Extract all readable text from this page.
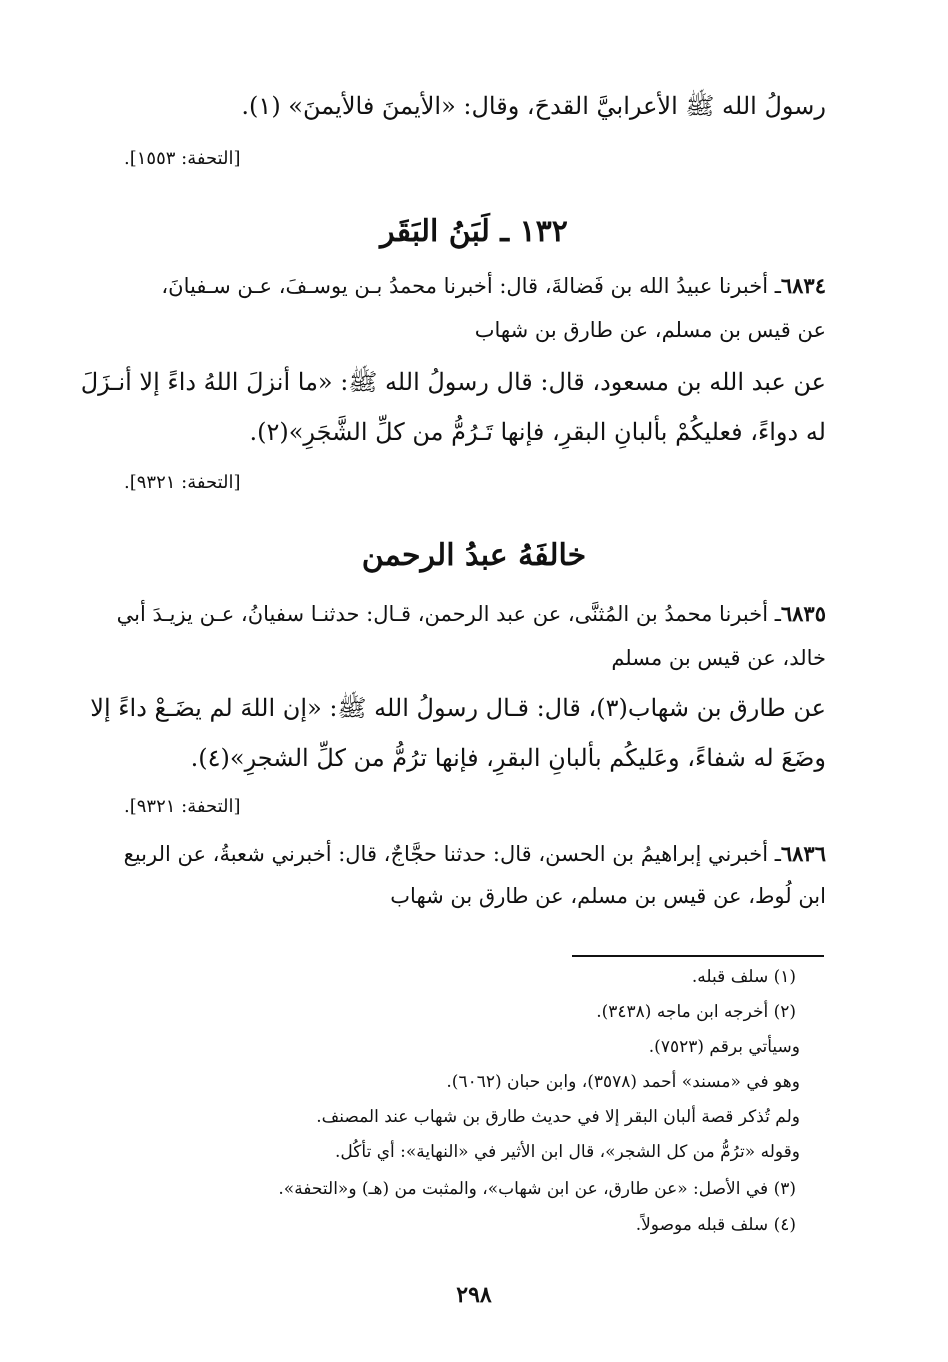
رسولُ الله ﷺ الأعرابيَّ القدحَ، وقال: «الأيمنَ فالأيمنَ» (١).
[التحفة: ١٥٥٣].
١٣٢ ـ لَبَنُ البَقَر
٦٨٣٤ـ أخبرنا عبيدُ الله بن فَضالةَ، قال: أخبرنا محمدُ بـن يوسـفَ، عـن سـفيانَ،
عن قيس بن مسلم، عن طارق بن شهاب
عن عبد الله بن مسعود، قال: قال رسولُ الله ﷺ: «ما أنزلَ اللهُ داءً إلا أنـزَلَ
له دواءً، فعليكُمْ بألبانِ البقرِ، فإنها تَـرُمُّ من كلِّ الشَّجَرِ»(٢).
[التحفة: ٩٣٢١].
خالفَهُ عبدُ الرحمن
٦٨٣٥ـ أخبرنا محمدُ بن المُثنَّى، عن عبد الرحمن، قـال: حدثنـا سفيانُ، عـن يزيـدَ أبي
خالد، عن قيس بن مسلم
عن طارق بن شهاب(٣)، قال: قـال رسولُ الله ﷺ: «إن اللهَ لم يضَـعْ داءً إلا
وضَعَ له شفاءً، وعَليكُم بألبانِ البقرِ، فإنها ترُمُّ من كلِّ الشجرِ»(٤).
[التحفة: ٩٣٢١].
٦٨٣٦ـ أخبرني إبراهيمُ بن الحسن، قال: حدثنا حجَّاجٌ، قال: أخبرني شعبةُ، عن الربيع
ابن لُوط، عن قيس بن مسلم، عن طارق بن شهاب
(١) سلف قبله.
(٢) أخرجه ابن ماجه (٣٤٣٨).
وسيأتي برقم (٧٥٢٣).
وهو في «مسند» أحمد (٣٥٧٨)، وابن حبان (٦٠٦٢).
ولم تُذكر قصة ألبان البقر إلا في حديث طارق بن شهاب عند المصنف.
وقوله «ترُمُّ من كل الشجر»، قال ابن الأثير في «النهاية»: أي تأكُل.
(٣) في الأصل: «عن طارق، عن ابن شهاب»، والمثبت من (هـ) و«التحفة».
(٤) سلف قبله موصولاً.
٢٩٨
